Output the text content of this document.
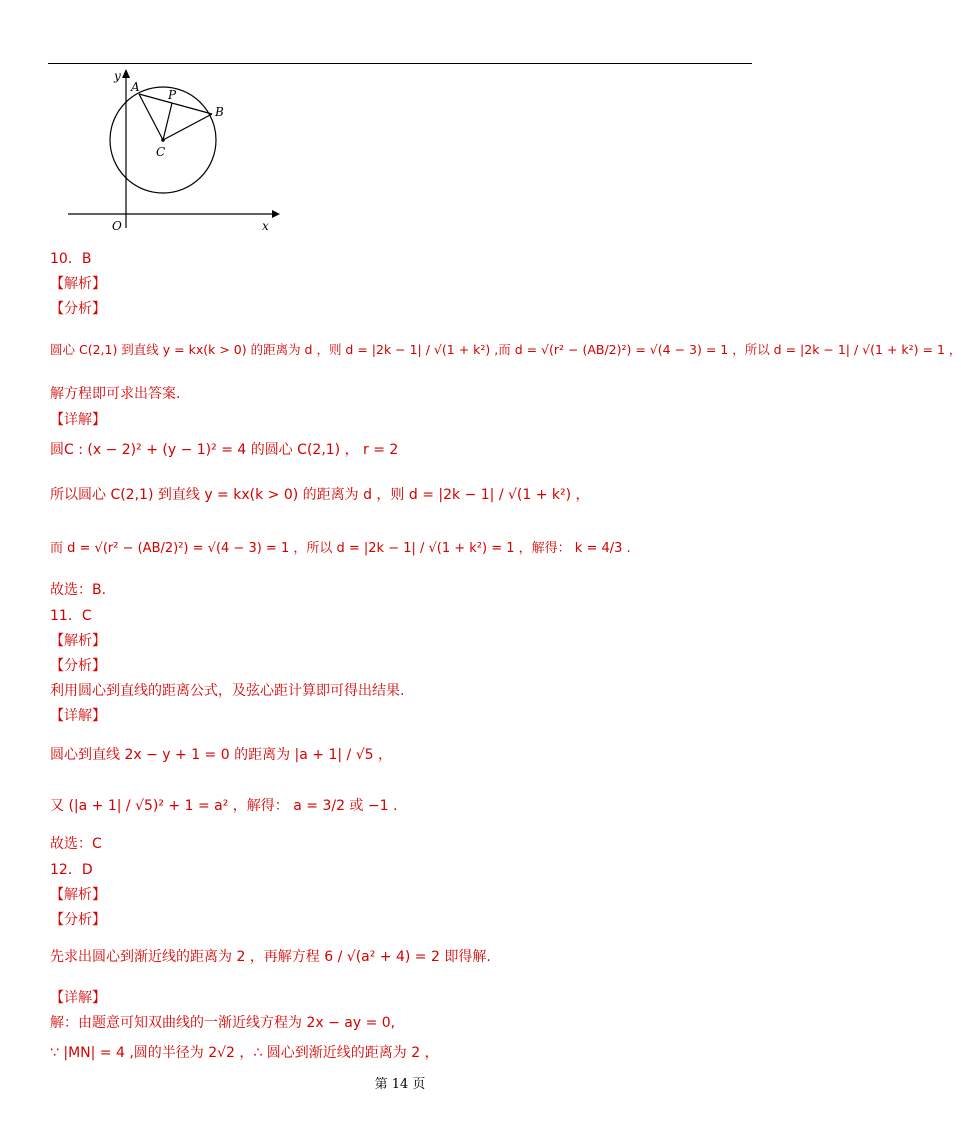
y
x
O
A
P
B
C
10．B
【解析】
【分析】
圆心 C(2,1) 到直线 y = kx(k > 0) 的距离为 d ，则 d = |2k − 1| / √(1 + k²) ,而 d = √(r² − (AB/2)²) = √(4 − 3) = 1 ，所以 d = |2k − 1| / √(1 + k²) = 1 ，
解方程即可求出答案.
【详解】
圆C : (x − 2)² + (y − 1)² = 4 的圆心 C(2,1) ， r = 2
所以圆心 C(2,1) 到直线 y = kx(k > 0) 的距离为 d ，则 d = |2k − 1| / √(1 + k²) ，
而 d = √(r² − (AB/2)²) = √(4 − 3) = 1 ，所以 d = |2k − 1| / √(1 + k²) = 1 ，解得： k = 4/3 .
故选：B.
11．C
【解析】
【分析】
利用圆心到直线的距离公式，及弦心距计算即可得出结果.
【详解】
圆心到直线 2x − y + 1 = 0 的距离为 |a + 1| / √5 ，
又 (|a + 1| / √5)² + 1 = a² ，解得： a = 3/2 或 −1 .
故选：C
12．D
【解析】
【分析】
先求出圆心到渐近线的距离为 2 ，再解方程 6 / √(a² + 4) = 2 即得解.
【详解】
解：由题意可知双曲线的一渐近线方程为 2x − ay = 0,
∵ |MN| = 4 ,圆的半径为 2√2 ，∴ 圆心到渐近线的距离为 2 ，
第 14 页
